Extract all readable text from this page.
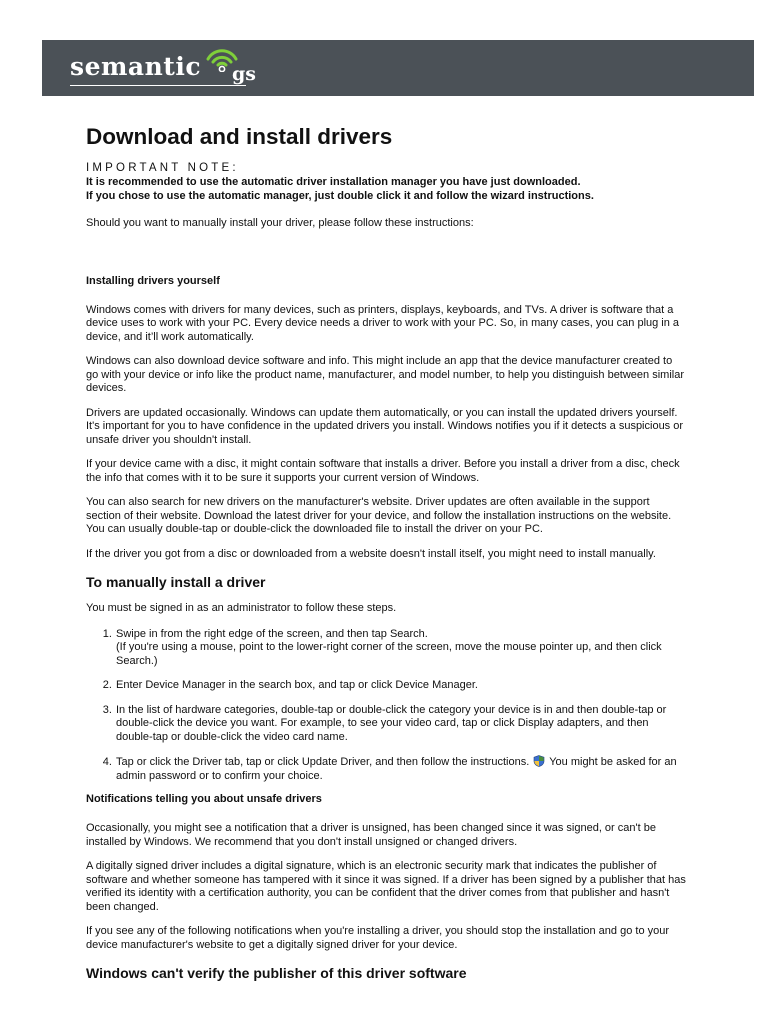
semantic gs
Download and install drivers
IMPORTANT NOTE:
It is recommended to use the automatic driver installation manager you have just downloaded.
If you chose to use the automatic manager, just double click it and follow the wizard instructions.

Should you want to manually install your driver, please follow these instructions:

Installing drivers yourself

Windows comes with drivers for many devices, such as printers, displays, keyboards, and TVs. A driver is software that a device uses to work with your PC. Every device needs a driver to work with your PC. So, in many cases, you can plug in a device, and it’ll work automatically.

Windows can also download device software and info. This might include an app that the device manufacturer created to go with your device or info like the product name, manufacturer, and model number, to help you distinguish between similar devices.

Drivers are updated occasionally. Windows can update them automatically, or you can install the updated drivers yourself. It's important for you to have confidence in the updated drivers you install. Windows notifies you if it detects a suspicious or unsafe driver you shouldn't install.

If your device came with a disc, it might contain software that installs a driver. Before you install a driver from a disc, check the info that comes with it to be sure it supports your current version of Windows.

You can also search for new drivers on the manufacturer's website. Driver updates are often available in the support section of their website. Download the latest driver for your device, and follow the installation instructions on the website. You can usually double-tap or double-click the downloaded file to install the driver on your PC.

If the driver you got from a disc or downloaded from a website doesn't install itself, you might need to install manually.

To manually install a driver

You must be signed in as an administrator to follow these steps.

1. Swipe in from the right edge of the screen, and then tap Search.
(If you're using a mouse, point to the lower-right corner of the screen, move the mouse pointer up, and then click Search.)
2. Enter Device Manager in the search box, and tap or click Device Manager.
3. In the list of hardware categories, double-tap or double-click the category your device is in and then double-tap or double-click the device you want. For example, to see your video card, tap or click Display adapters, and then double-tap or double-click the video card name.
4. Tap or click the Driver tab, tap or click Update Driver, and then follow the instructions. You might be asked for an admin password or to confirm your choice.
Notifications telling you about unsafe drivers

Occasionally, you might see a notification that a driver is unsigned, has been changed since it was signed, or can't be installed by Windows. We recommend that you don't install unsigned or changed drivers.

A digitally signed driver includes a digital signature, which is an electronic security mark that indicates the publisher of software and whether someone has tampered with it since it was signed. If a driver has been signed by a publisher that has verified its identity with a certification authority, you can be confident that the driver comes from that publisher and hasn't been changed.

If you see any of the following notifications when you're installing a driver, you should stop the installation and go to your device manufacturer's website to get a digitally signed driver for your device.

Windows can't verify the publisher of this driver software
